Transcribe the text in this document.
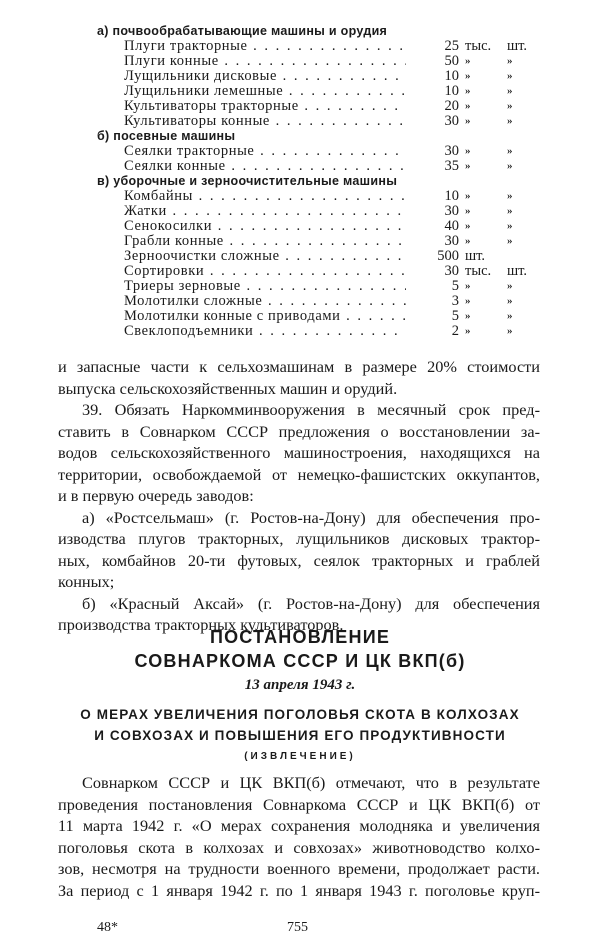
а) почвообрабатывающие машины и орудия
Плуги тракторные . . .	25 тыс. шт.
Плуги конные . . .	50 »	»
Лущильники дисковые . . .	10 »	»
Лущильники лемешные . . .	10 »	»
Культиваторы тракторные . . .	20 »	»
Культиваторы конные . . .	30 »	»
б) посевные машины
Сеялки тракторные . . .	30 »	»
Сеялки конные . . .	35 »	»
в) уборочные и зерноочистительные машины
Комбайны . . .	10 »	»
Жатки . . .	30 »	»
Сенокосилки . . .	40 »	»
Грабли конные . . .	30 »	»
Зерноочистки сложные . . .	500 шт.
Сортировки . . .	30 тыс. шт.
Триеры зерновые . . .	5 »	»
Молотилки сложные . . .	3 »	»
Молотилки конные с приводами . . .	5 »	»
Свеклоподъемники . . .	2 »	»
и запасные части к сельхозмашинам в размере 20% стоимости
выпуска сельскохозяйственных машин и орудий.
39. Обязать Наркомминвооружения в месячный срок пред-
ставить в Совнарком СССР предложения о восстановлении за-
водов сельскохозяйственного машиностроения, находящихся на
территории, освобождаемой от немецко-фашистских оккупантов,
и в первую очередь заводов:
а) «Ростсельмаш» (г. Ростов-на-Дону) для обеспечения про-
изводства плугов тракторных, лущильников дисковых трактор-
ных, комбайнов 20-ти футовых, сеялок тракторных и граблей
конных;
б) «Красный Аксай» (г. Ростов-на-Дону) для обеспечения
производства тракторных культиваторов.
ПОСТАНОВЛЕНИЕ
СОВНАРКОМА СССР И ЦК ВКП(б)
13 апреля 1943 г.
О МЕРАХ УВЕЛИЧЕНИЯ ПОГОЛОВЬЯ СКОТА В КОЛХОЗАХ
И СОВХОЗАХ И ПОВЫШЕНИЯ ЕГО ПРОДУКТИВНОСТИ
(ИЗВЛЕЧЕНИЕ)
Совнарком СССР и ЦК ВКП(б) отмечают, что в результате
проведения постановления Совнаркома СССР и ЦК ВКП(б) от
11 марта 1942 г. «О мерах сохранения молодняка и увеличения
поголовья скота в колхозах и совхозах» животноводство колхо-
зов, несмотря на трудности военного времени, продолжает расти.
За период с 1 января 1942 г. по 1 января 1943 г. поголовье круп-
48*	755
